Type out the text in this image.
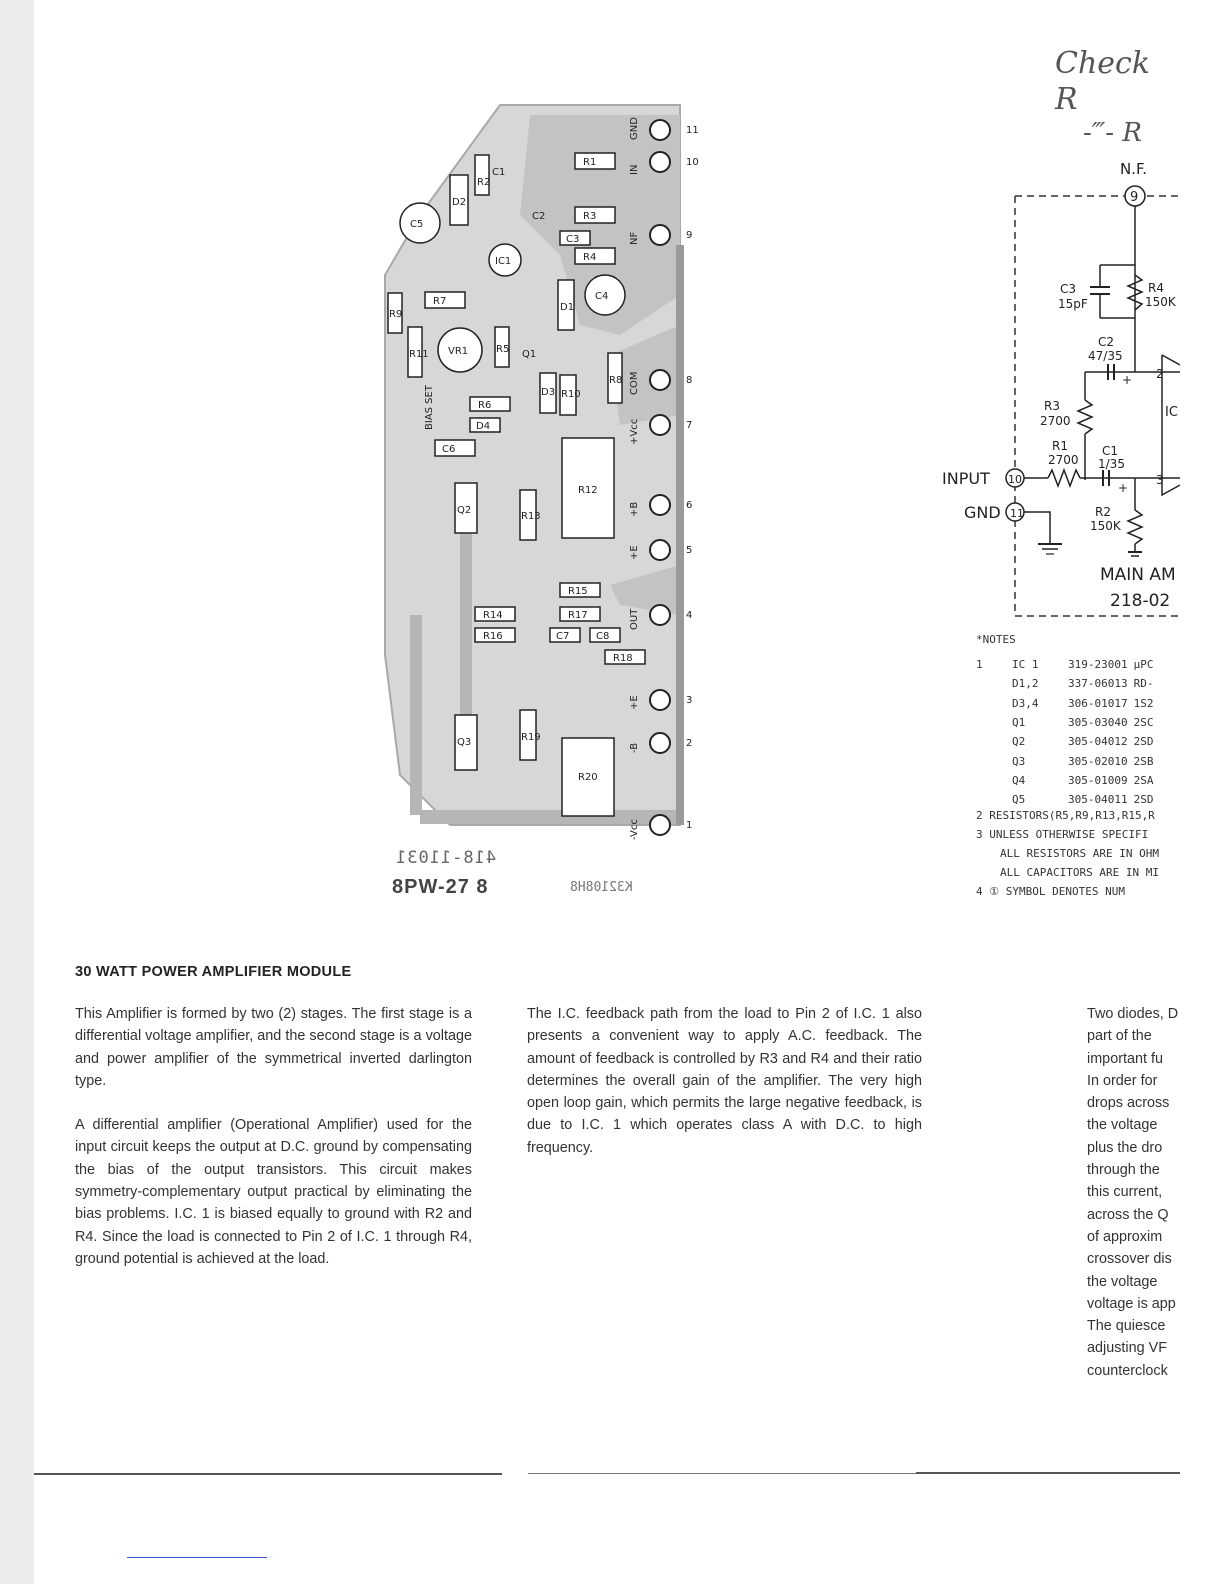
Check R
-‴- R
GND
IN
NF
COM
+Vcc
+B
+E
OUT
+E
-B
-Vcc
11
10
9
8
7
6
5
4
3
2
1
R1
R2
C1
D2
C5
R3
C2
C3
IC1	R4
R9
R7	C4
D1
R11 VR1	R5 Q1
R6
D4
D3 R10
R8
BIAS SET
C6
Q2
R13
R12
R15
R14	R17
R16	C7	C8
R18
Q3	R19
R20
418-11031
8PW-27 8	K32108H8
N.F.
9
C3
15pF
R4
150K
C2
47/35
+ 2
R3
2700
IC
INPUT 10
R1
2700
C1
1/35
+
3
R2
150K
GND 11
MAIN AM
218-02
*NOTES
1	IC 1	319-23001	µPC
	D1,2	337-06013	RD-
	D3,4	306-01017	1S2
	Q1	305-03040	2SC
	Q2	305-04012	2SD
	Q3	305-02010	2SB
	Q4	305-01009	2SA
	Q5	305-04011	2SD
2 RESISTORS(R5,R9,R13,R15,R
3 UNLESS OTHERWISE SPECIFI
ALL RESISTORS ARE IN OHM
ALL CAPACITORS ARE IN MI
4 ① SYMBOL DENOTES NUM
30 WATT POWER AMPLIFIER MODULE

This Amplifier is formed by two (2) stages. The first stage is a differential voltage amplifier, and the second stage is a voltage and power amplifier of the symmetrical inverted darlington type.

A differential amplifier (Operational Amplifier) used for the input circuit keeps the output at D.C. ground by compensating the bias of the output transistors. This circuit makes symmetry-complementary output practical by eliminating the bias problems. I.C. 1 is biased equally to ground with R2 and R4. Since the load is connected to Pin 2 of I.C. 1 through R4, ground potential is achieved at the load.

The I.C. feedback path from the load to Pin 2 of I.C. 1 also presents a convenient way to apply A.C. feedback. The amount of feedback is controlled by R3 and R4 and their ratio determines the overall gain of the amplifier. The very high open loop gain, which permits the large negative feedback, is due to I.C. 1 which operates class A with D.C. to high frequency.

Two diodes, D
part of the
important fu
In order for
drops across
the voltage
plus the dro
through the
this current,
across the Q
of approxim
crossover dis
the voltage
voltage is app
The quiesce
adjusting VF
counterclock
